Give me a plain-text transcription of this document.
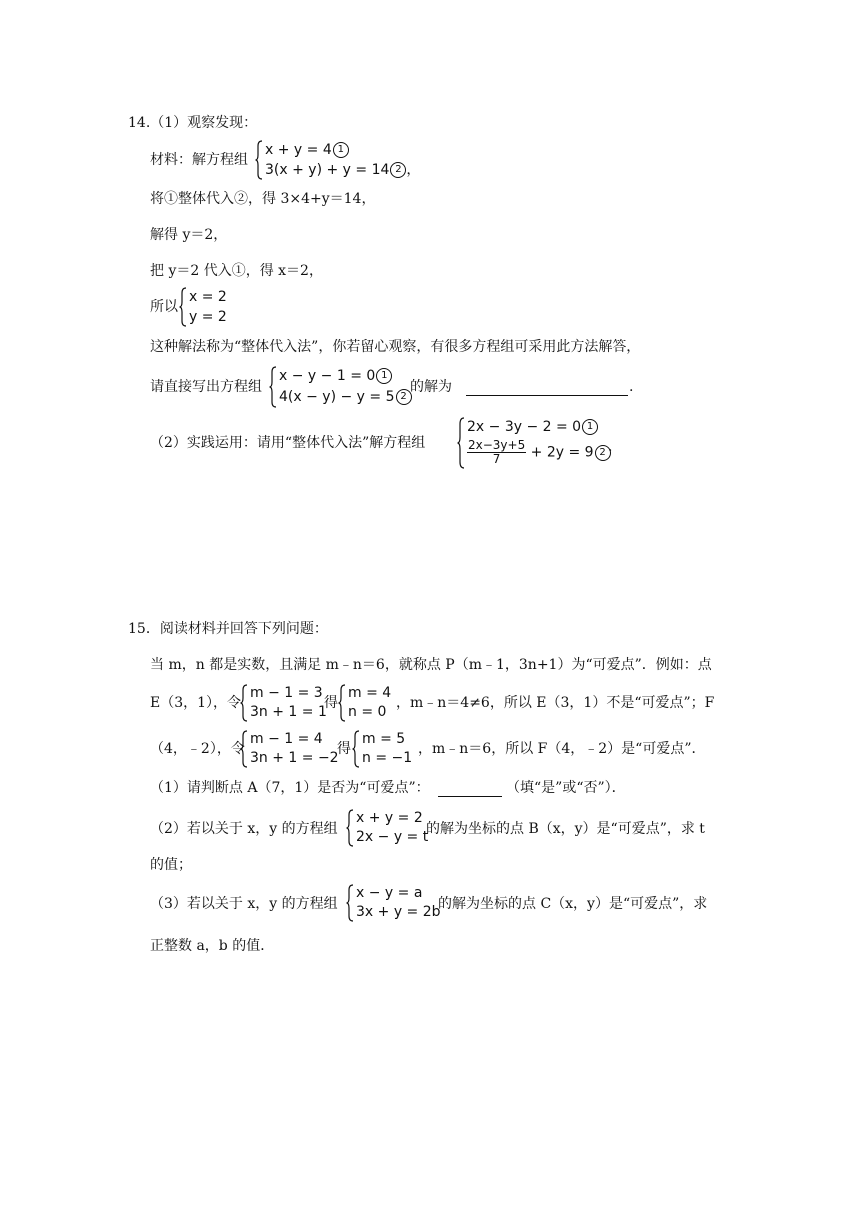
14.（1）观察发现：
材料：解方程组
x + y = 4 1
3(x + y) + y = 14 2 ，
将①整体代入②，得 3×4+y＝14，
解得 y＝2，
把 y＝2 代入①，得 x＝2，
所以
x = 2
y = 2
这种解法称为“整体代入法”，你若留心观察，有很多方程组可采用此方法解答，
请直接写出方程组
x − y − 1 = 0 1
4(x − y) − y = 5 2
的解为	.
（2）实践运用：请用“整体代入法”解方程组
2x − 3y − 2 = 0 1
$\frac{2x-3y+5}{7} + 2y = 9$ 2 .
15．阅读材料并回答下列问题：
当 m，n 都是实数，且满足 m﹣n＝6，就称点 P（m﹣1，3n+1）为“可爱点”．例如：点
E（3，1），令
m − 1 = 3
3n + 1 = 1
得
m = 4
n = 0
，m﹣n＝4≠6，所以 E（3，1）不是“可爱点”；F
（4，﹣2），令
m − 1 = 4
3n + 1 = −2
得
m = 5
n = −1
，m﹣n＝6，所以 F（4，﹣2）是“可爱点”．
（1）请判断点 A（7，1）是否为“可爱点”：	（填“是”或“否”）．
（2）若以关于 x，y 的方程组
x + y = 2
2x − y = t
的解为坐标的点 B（x，y）是“可爱点”，求 t
的值；
（3）若以关于 x，y 的方程组
x − y = a
3x + y = 2b
的解为坐标的点 C（x，y）是“可爱点”，求
正整数 a，b 的值．
